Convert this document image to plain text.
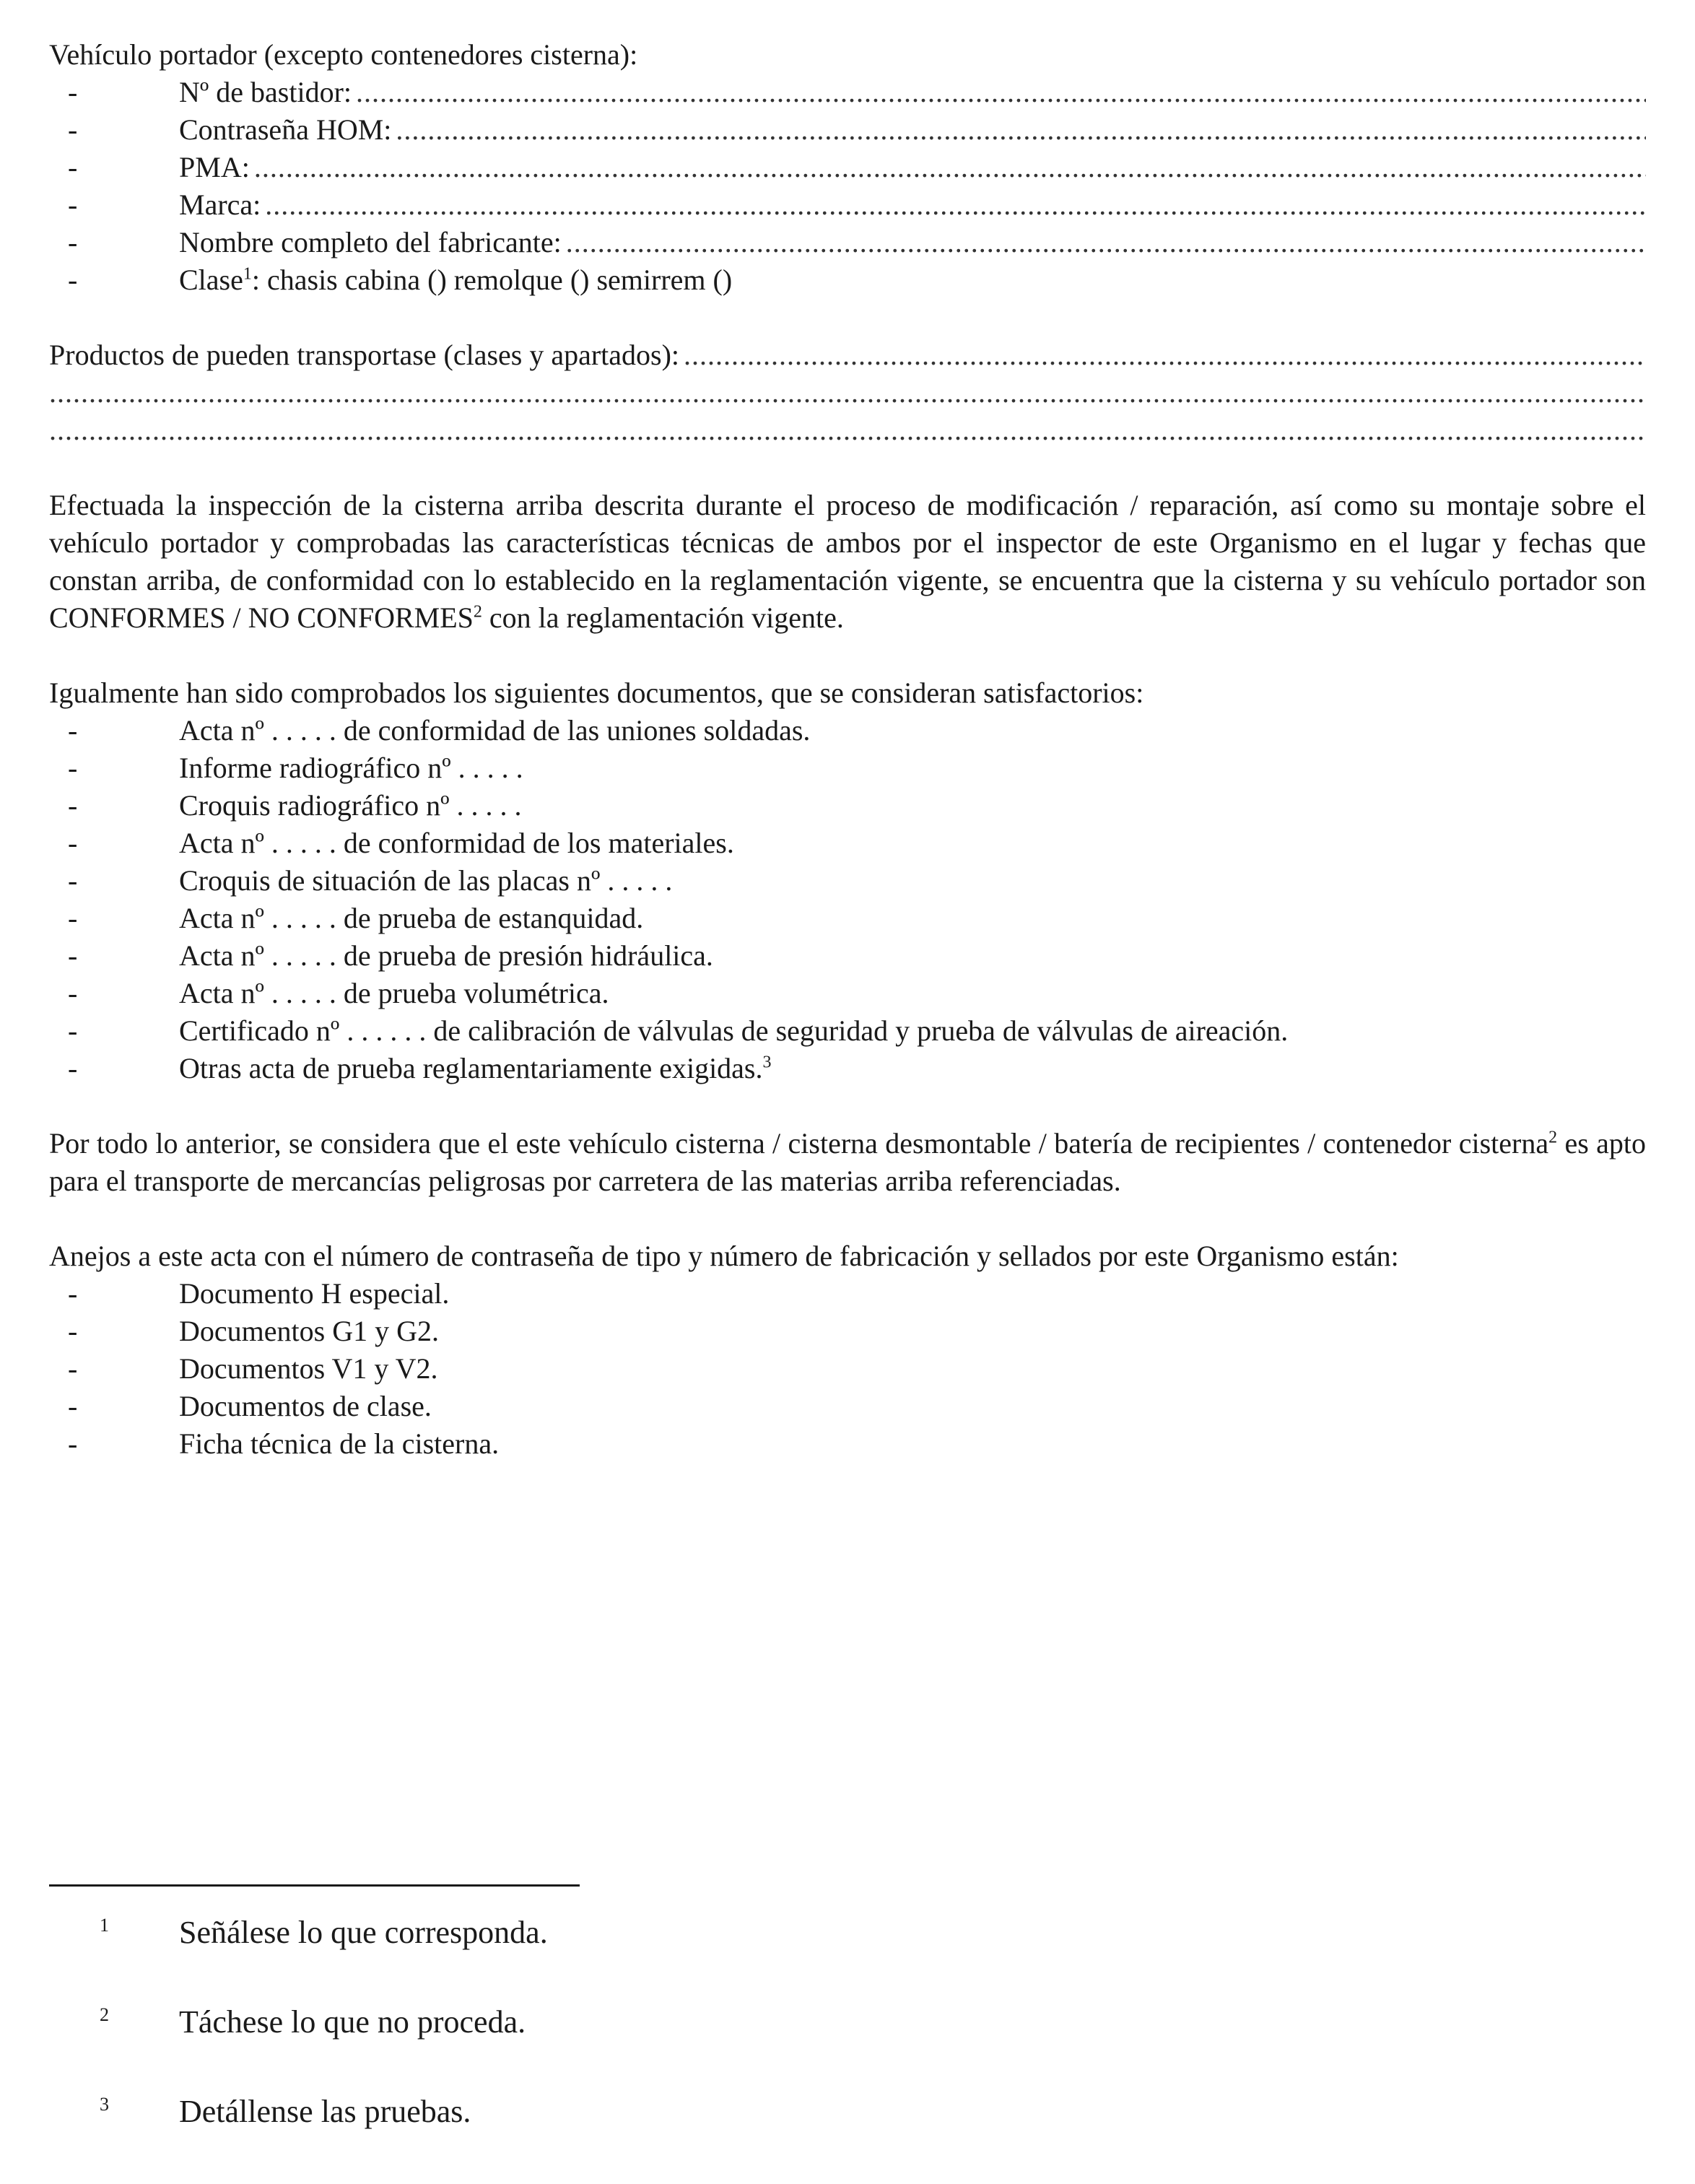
Vehículo portador (excepto contenedores cisterna):
-	Nº de bastidor:
.....
-	Contraseña HOM:
.....
-	PMA:
.....
-	Marca:
.....
-	Nombre completo del fabricante:
.....
-	Clase$^1$: chasis cabina () remolque () semirrem ()
Productos de pueden transportase (clases y apartados):
.....
.....
.....
Efectuada la inspección de la cisterna arriba descrita durante el proceso de modificación / reparación, así como su montaje sobre el vehículo portador y comprobadas las características técnicas de ambos por el inspector de este Organismo en el lugar y fechas que constan arriba, de conformidad con lo establecido en la reglamentación vigente, se encuentra que la cisterna y su vehículo portador son CONFORMES / NO CONFORMES$^2$ con la reglamentación vigente.
Igualmente han sido comprobados los siguientes documentos, que se consideran satisfactorios:
-	Acta nº . . . . . de conformidad de las uniones soldadas.
-	Informe radiográfico nº . . . . .
-	Croquis radiográfico nº . . . . .
-	Acta nº . . . . . de conformidad de los materiales.
-	Croquis de situación de las placas nº . . . . .
-	Acta nº . . . . . de prueba de estanquidad.
-	Acta nº . . . . . de prueba de presión hidráulica.
-	Acta nº . . . . . de prueba volumétrica.
-	Certificado nº . . . . . . de calibración de válvulas de seguridad y prueba de válvulas de aireación.
-	Otras acta de prueba reglamentariamente exigidas.$^3$
Por todo lo anterior, se considera que el este vehículo cisterna / cisterna desmontable / batería de recipientes / contenedor cisterna$^2$ es apto para el transporte de mercancías peligrosas por carretera de las materias arriba referenciadas.
Anejos a este acta con el número de contraseña de tipo y número de fabricación y sellados por este Organismo están:
-	Documento H especial.
-	Documentos G1 y G2.
-	Documentos V1 y V2.
-	Documentos de clase.
-	Ficha técnica de la cisterna.
1	Señálese lo que corresponda.
2	Táchese lo que no proceda.
3	Detállense las pruebas.
